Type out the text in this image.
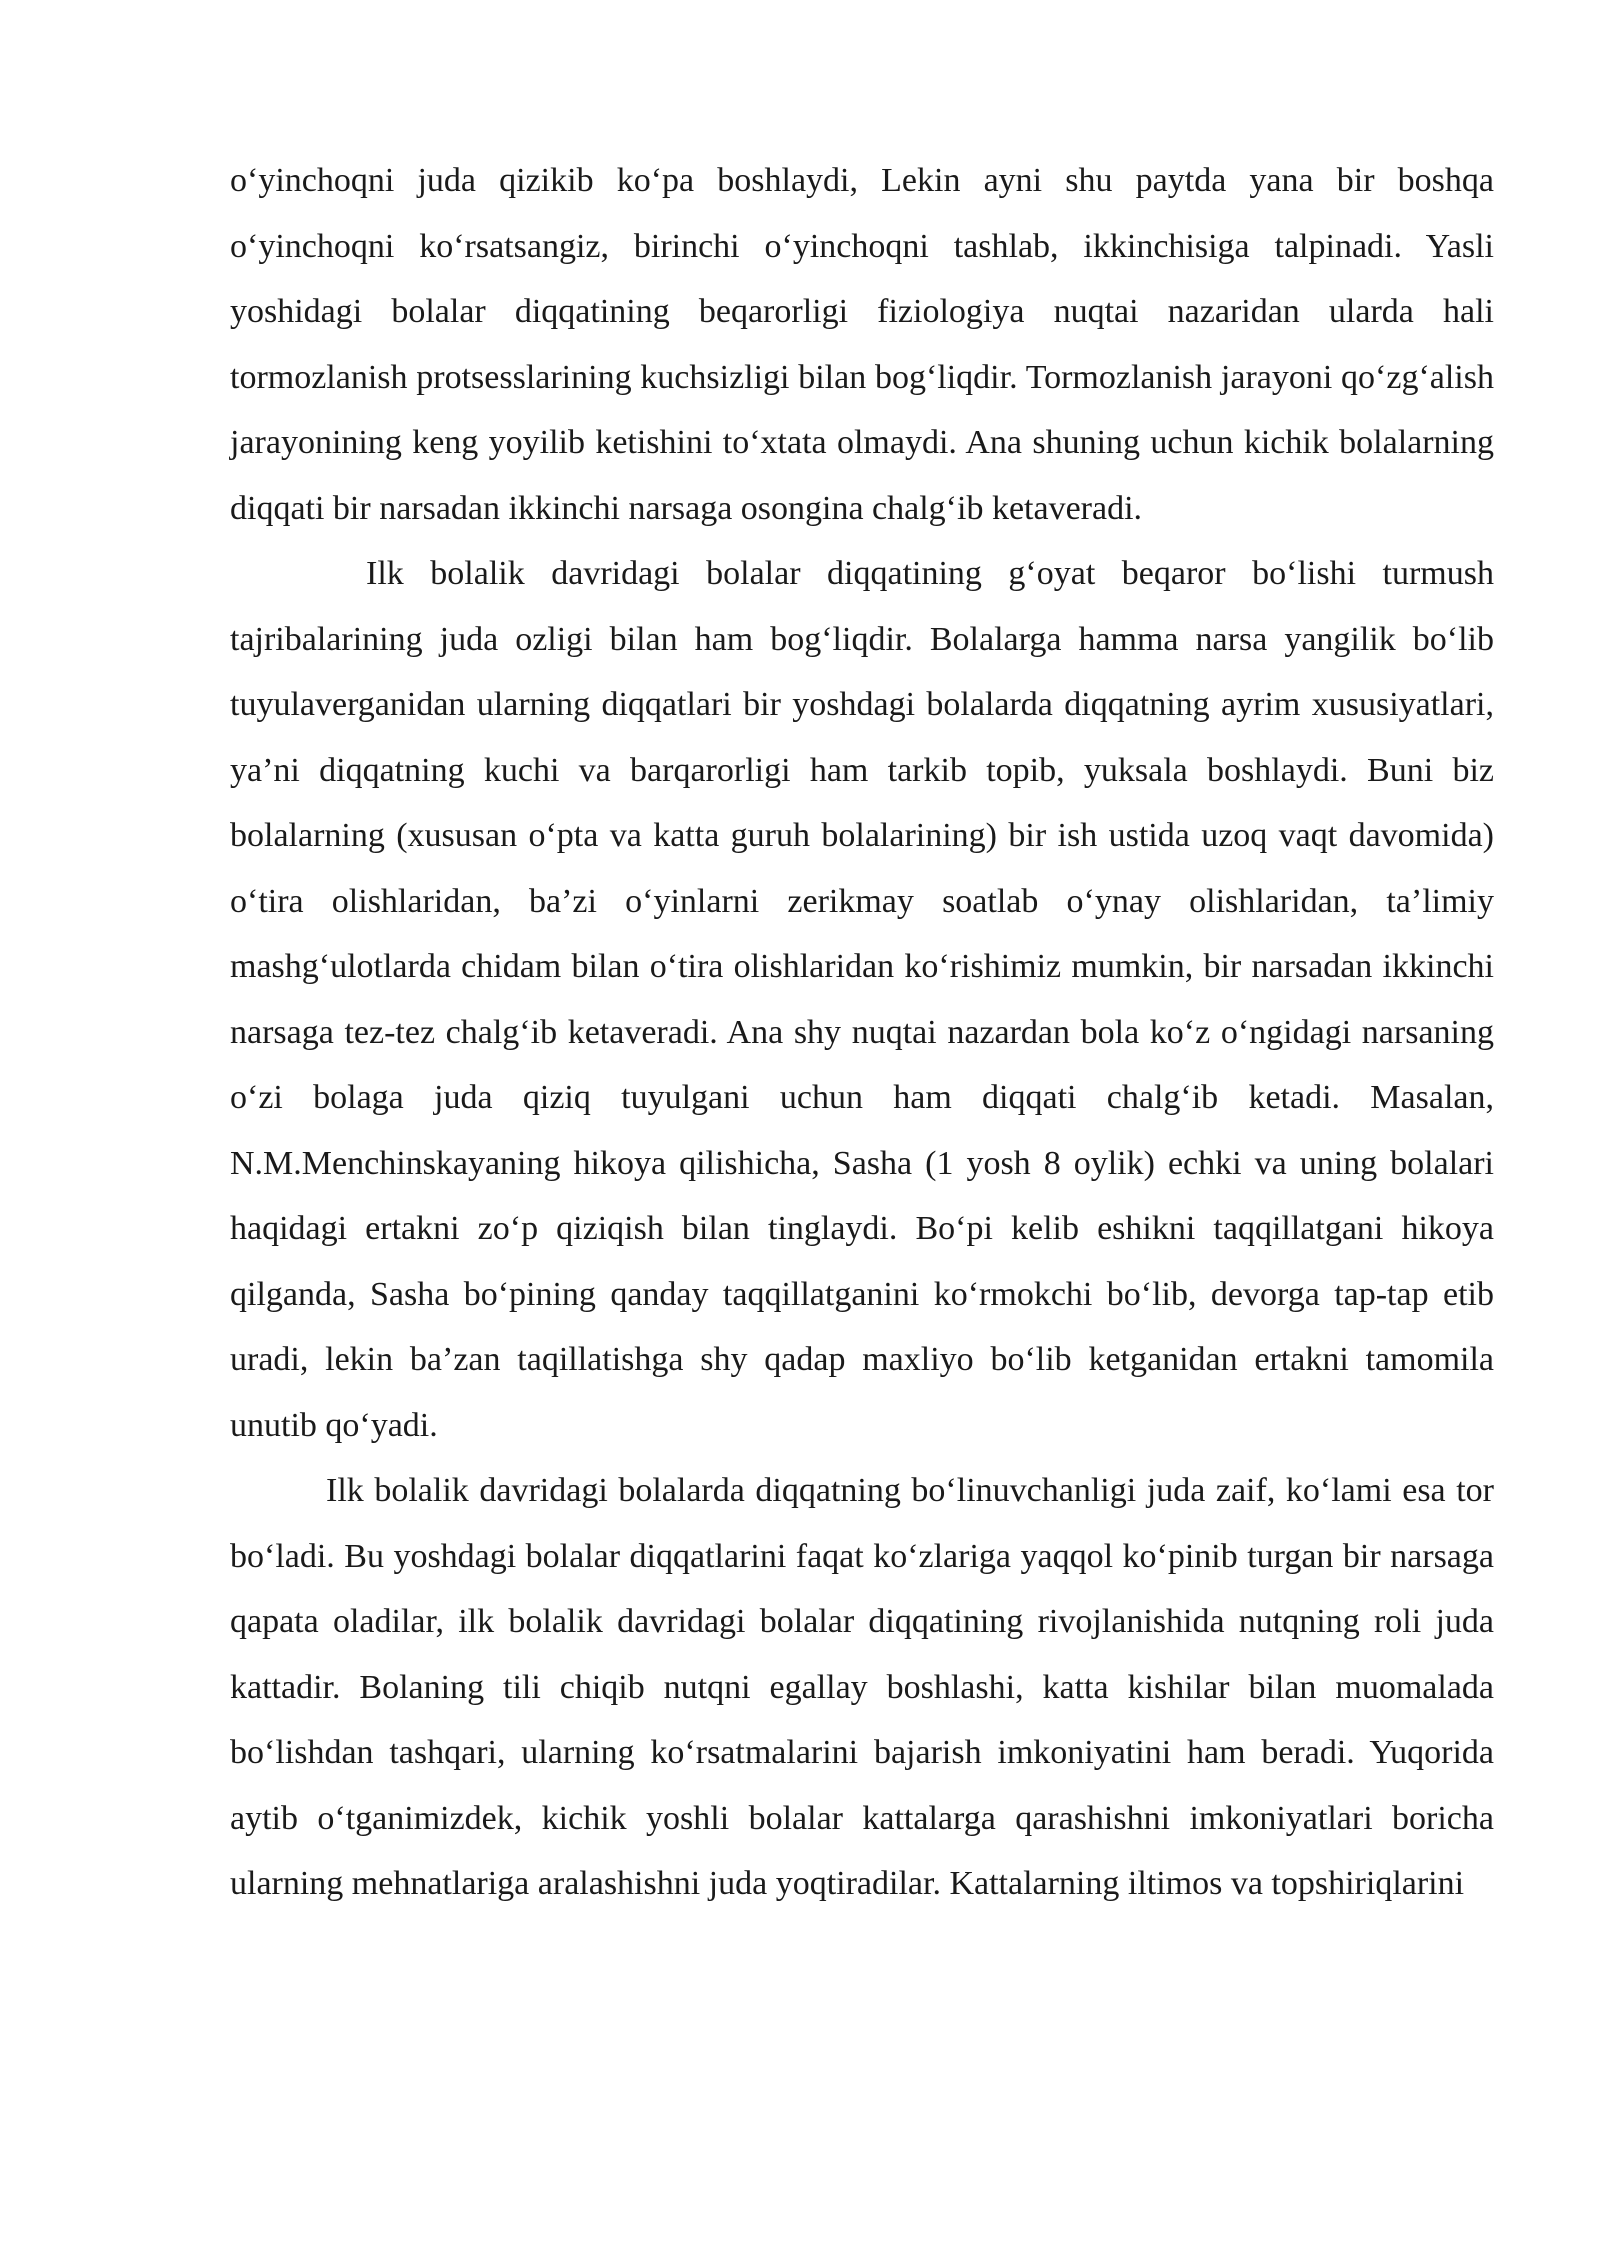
o‘yinchoqni juda qizikib ko‘pa boshlaydi, Lekin ayni shu paytda yana bir boshqa o‘yinchoqni ko‘rsatsangiz, birinchi o‘yinchoqni tashlab, ikkinchisiga talpinadi. Yasli yoshidagi bolalar diqqatining beqarorligi fiziologiya nuqtai nazaridan ularda hali tormozlanish protsesslarining kuchsizligi bilan bog‘liqdir. Tormozlanish jarayoni qo‘zg‘alish jarayonining keng yoyilib ketishini to‘xtata olmaydi. Ana shuning uchun kichik bolalarning diqqati bir narsadan ikkinchi narsaga osongina chalg‘ib ketaveradi.

Ilk bolalik davridagi bolalar diqqatining g‘oyat beqaror bo‘lishi turmush tajribalarining juda ozligi bilan ham bog‘liqdir. Bolalarga hamma narsa yangilik bo‘lib tuyulaverganidan ularning diqqatlari bir yoshdagi bolalarda diqqatning ayrim xususiyatlari, ya’ni diqqatning kuchi va barqarorligi ham tarkib topib, yuksala boshlaydi. Buni biz bolalarning (xususan o‘pta va katta guruh bolalarining) bir ish ustida uzoq vaqt davomida) o‘tira olishlaridan, ba’zi o‘yinlarni zerikmay soatlab o‘ynay olishlaridan, ta’limiy mashg‘ulotlarda chidam bilan o‘tira olishlaridan ko‘rishimiz mumkin, bir narsadan ikkinchi narsaga tez-tez chalg‘ib ketaveradi. Ana shy nuqtai nazardan bola ko‘z o‘ngidagi narsaning o‘zi bolaga juda qiziq tuyulgani uchun ham diqqati chalg‘ib ketadi. Masalan, N.M.Menchinskayaning hikoya qilishicha, Sasha (1 yosh 8 oylik) echki va uning bolalari haqidagi ertakni zo‘p qiziqish bilan tinglaydi. Bo‘pi kelib eshikni taqqillatgani hikoya qilganda, Sasha bo‘pining qanday taqqillatganini ko‘rmokchi bo‘lib, devorga tap-tap etib uradi, lekin ba’zan taqillatishga shy qadap maxliyo bo‘lib ketganidan ertakni tamomila unutib qo‘yadi.

Ilk bolalik davridagi bolalarda diqqatning bo‘linuvchanligi juda zaif, ko‘lami esa tor bo‘ladi. Bu yoshdagi bolalar diqqatlarini faqat ko‘zlariga yaqqol ko‘pinib turgan bir narsaga qapata oladilar, ilk bolalik davridagi bolalar diqqatining rivojlanishida nutqning roli juda kattadir. Bolaning tili chiqib nutqni egallay boshlashi, katta kishilar bilan muomalada bo‘lishdan tashqari, ularning ko‘rsatmalarini bajarish imkoniyatini ham beradi. Yuqorida aytib o‘tganimizdek, kichik yoshli bolalar kattalarga qarashishni imkoniyatlari boricha ularning mehnatlariga aralashishni juda yoqtiradilar. Kattalarning iltimos va topshiriqlarini
